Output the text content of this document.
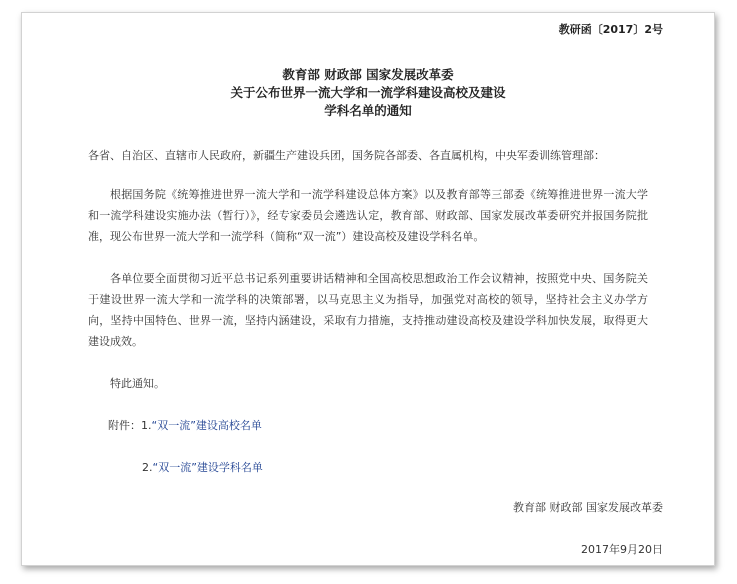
教研函〔2017〕2号
教育部 财政部 国家发展改革委
关于公布世界一流大学和一流学科建设高校及建设
学科名单的通知
各省、自治区、直辖市人民政府，新疆生产建设兵团，国务院各部委、各直属机构，中央军委训练管理部：
根据国务院《统筹推进世界一流大学和一流学科建设总体方案》以及教育部等三部委《统筹推进世界一流大学和一流学科建设实施办法（暂行）》，经专家委员会遴选认定，教育部、财政部、国家发展改革委研究并报国务院批准，现公布世界一流大学和一流学科（简称“双一流”）建设高校及建设学科名单。
各单位要全面贯彻习近平总书记系列重要讲话精神和全国高校思想政治工作会议精神，按照党中央、国务院关于建设世界一流大学和一流学科的决策部署，以马克思主义为指导，加强党对高校的领导，坚持社会主义办学方向，坚持中国特色、世界一流，坚持内涵建设，采取有力措施，支持推动建设高校及建设学科加快发展，取得更大建设成效。
特此通知。
附件：1.“双一流”建设高校名单
2.“双一流”建设学科名单
教育部 财政部 国家发展改革委
2017年9月20日
